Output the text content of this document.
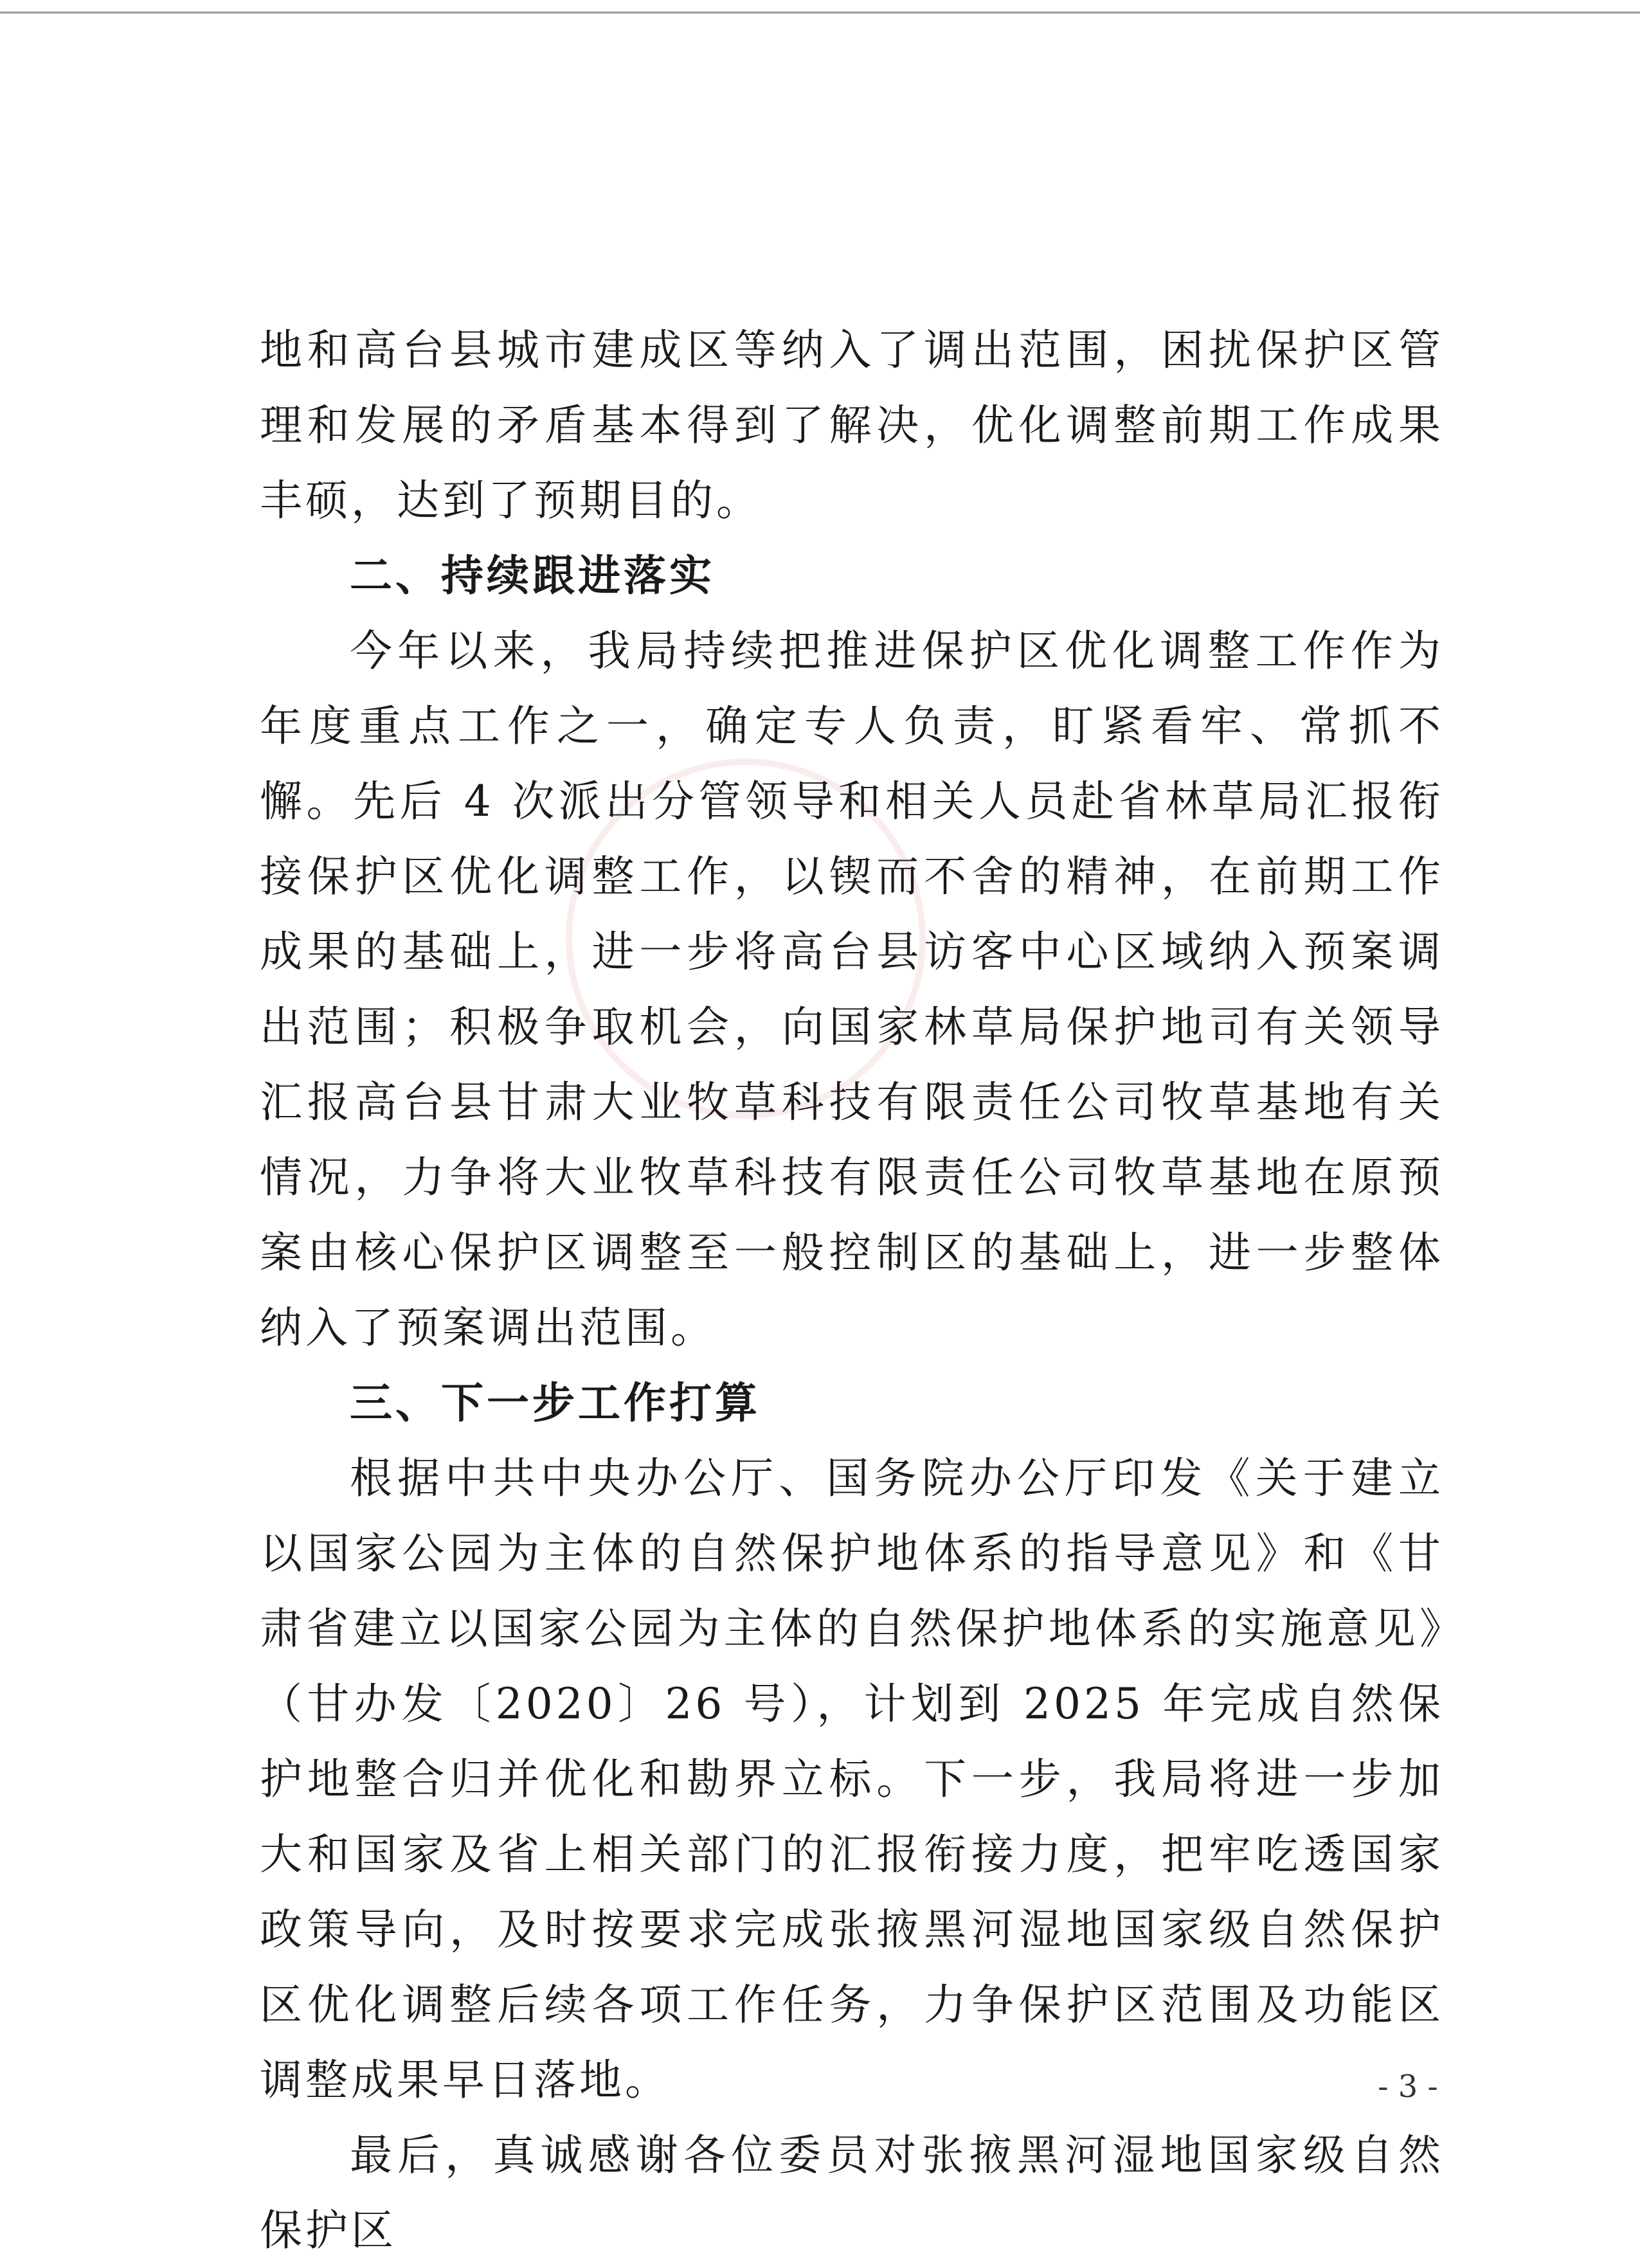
地和高台县城市建成区等纳入了调出范围，困扰保护区管理和发展的矛盾基本得到了解决，优化调整前期工作成果丰硕，达到了预期目的。

二、持续跟进落实

今年以来，我局持续把推进保护区优化调整工作作为年度重点工作之一，确定专人负责，盯紧看牢、常抓不懈。先后 4 次派出分管领导和相关人员赴省林草局汇报衔接保护区优化调整工作，以锲而不舍的精神，在前期工作成果的基础上，进一步将高台县访客中心区域纳入预案调出范围；积极争取机会，向国家林草局保护地司有关领导汇报高台县甘肃大业牧草科技有限责任公司牧草基地有关情况，力争将大业牧草科技有限责任公司牧草基地在原预案由核心保护区调整至一般控制区的基础上，进一步整体纳入了预案调出范围。

三、下一步工作打算

根据中共中央办公厅、国务院办公厅印发《关于建立以国家公园为主体的自然保护地体系的指导意见》和《甘肃省建立以国家公园为主体的自然保护地体系的实施意见》（甘办发〔2020〕26 号），计划到 2025 年完成自然保护地整合归并优化和勘界立标。下一步，我局将进一步加大和国家及省上相关部门的汇报衔接力度，把牢吃透国家政策导向，及时按要求完成张掖黑河湿地国家级自然保护区优化调整后续各项工作任务，力争保护区范围及功能区调整成果早日落地。

最后，真诚感谢各位委员对张掖黑河湿地国家级自然保护区

- 3 -
